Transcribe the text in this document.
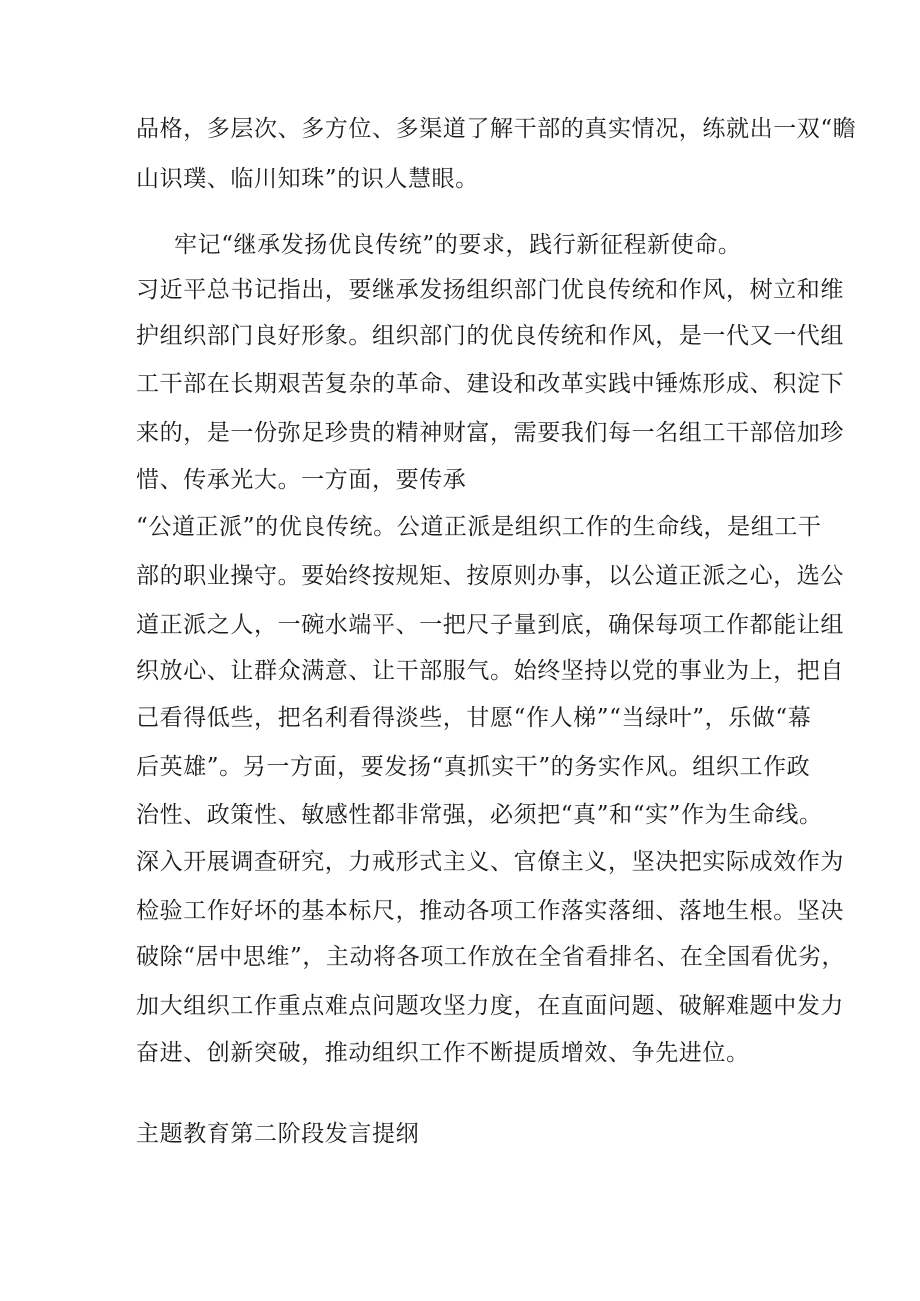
品格，多层次、多方位、多渠道了解干部的真实情况，练就出一双“瞻
山识璞、临川知珠”的识人慧眼。
牢记“继承发扬优良传统”的要求，践行新征程新使命。
习近平总书记指出，要继承发扬组织部门优良传统和作风，树立和维
护组织部门良好形象。组织部门的优良传统和作风，是一代又一代组
工干部在长期艰苦复杂的革命、建设和改革实践中锤炼形成、积淀下
来的，是一份弥足珍贵的精神财富，需要我们每一名组工干部倍加珍
惜、传承光大。一方面，要传承
“公道正派”的优良传统。公道正派是组织工作的生命线，是组工干
部的职业操守。要始终按规矩、按原则办事，以公道正派之心，选公
道正派之人，一碗水端平、一把尺子量到底，确保每项工作都能让组
织放心、让群众满意、让干部服气。始终坚持以党的事业为上，把自
己看得低些，把名利看得淡些，甘愿“作人梯”“当绿叶”，乐做“幕
后英雄”。另一方面，要发扬“真抓实干”的务实作风。组织工作政
治性、政策性、敏感性都非常强，必须把“真”和“实”作为生命线。
深入开展调查研究，力戒形式主义、官僚主义，坚决把实际成效作为
检验工作好坏的基本标尺，推动各项工作落实落细、落地生根。坚决
破除“居中思维”，主动将各项工作放在全省看排名、在全国看优劣，
加大组织工作重点难点问题攻坚力度，在直面问题、破解难题中发力
奋进、创新突破，推动组织工作不断提质增效、争先进位。
主题教育第二阶段发言提纲
